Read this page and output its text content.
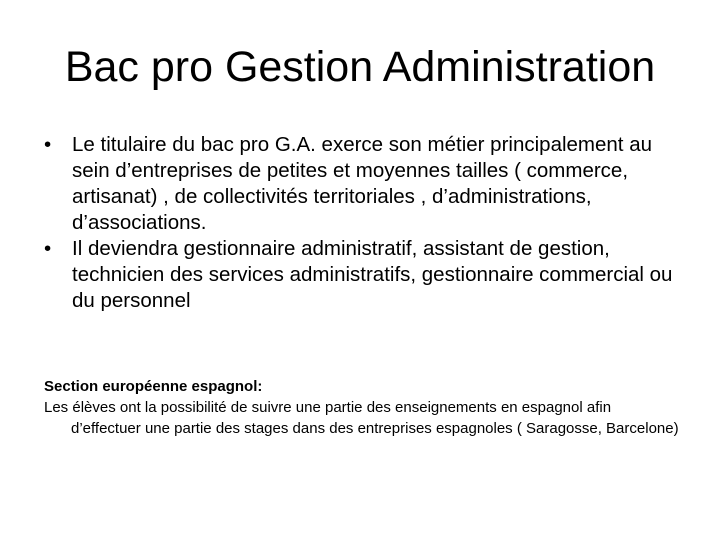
Bac pro Gestion Administration
•	Le titulaire du bac pro G.A. exerce son métier principalement au sein d’entreprises de petites et moyennes tailles ( commerce, artisanat) , de collectivités territoriales , d’administrations, d’associations.
•	Il deviendra gestionnaire administratif, assistant de gestion, technicien des services administratifs, gestionnaire commercial ou du personnel

Section européenne espagnol:

Les élèves ont la possibilité de suivre une partie des enseignements en espagnol afin d’effectuer une partie des stages dans des entreprises espagnoles ( Saragosse, Barcelone)
